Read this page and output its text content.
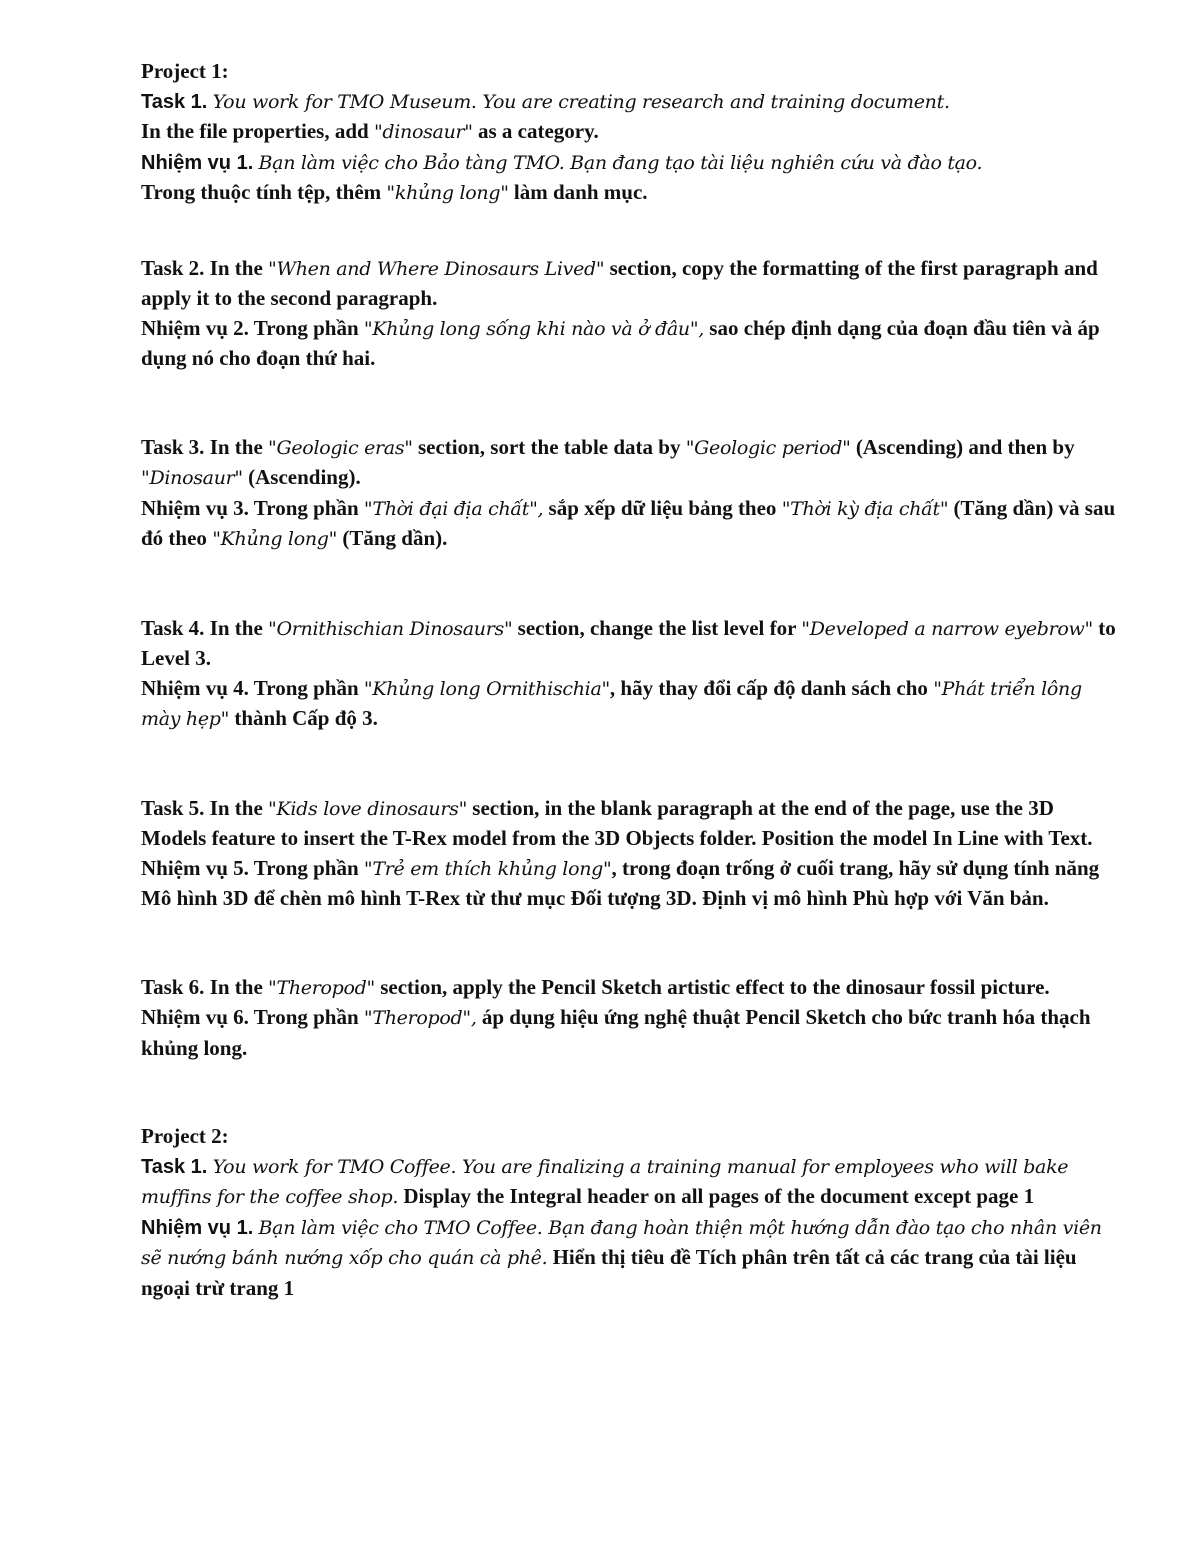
Project 1:

Task 1. You work for TMO Museum. You are creating research and training document.

In the file properties, add "dinosaur" as a category.

Nhiệm vụ 1. Bạn làm việc cho Bảo tàng TMO. Bạn đang tạo tài liệu nghiên cứu và đào tạo.

Trong thuộc tính tệp, thêm "khủng long" làm danh mục.

Task 2. In the "When and Where Dinosaurs Lived" section, copy the formatting of the first paragraph and apply it to the second paragraph.

Nhiệm vụ 2. Trong phần "Khủng long sống khi nào và ở đâu", sao chép định dạng của đoạn đầu tiên và áp dụng nó cho đoạn thứ hai.

Task 3. In the "Geologic eras" section, sort the table data by "Geologic period" (Ascending) and then by "Dinosaur" (Ascending).

Nhiệm vụ 3. Trong phần "Thời đại địa chất", sắp xếp dữ liệu bảng theo "Thời kỳ địa chất" (Tăng dần) và sau đó theo "Khủng long" (Tăng dần).

Task 4. In the "Ornithischian Dinosaurs" section, change the list level for "Developed a narrow eyebrow" to Level 3.

Nhiệm vụ 4. Trong phần "Khủng long Ornithischia", hãy thay đổi cấp độ danh sách cho "Phát triển lông mày hẹp" thành Cấp độ 3.

Task 5. In the "Kids love dinosaurs" section, in the blank paragraph at the end of the page, use the 3D Models feature to insert the T-Rex model from the 3D Objects folder. Position the model In Line with Text.

Nhiệm vụ 5. Trong phần "Trẻ em thích khủng long", trong đoạn trống ở cuối trang, hãy sử dụng tính năng Mô hình 3D để chèn mô hình T-Rex từ thư mục Đối tượng 3D. Định vị mô hình Phù hợp với Văn bản.

Task 6. In the "Theropod" section, apply the Pencil Sketch artistic effect to the dinosaur fossil picture.

Nhiệm vụ 6. Trong phần "Theropod", áp dụng hiệu ứng nghệ thuật Pencil Sketch cho bức tranh hóa thạch khủng long.

Project 2:

Task 1. You work for TMO Coffee. You are finalizing a training manual for employees who will bake muffins for the coffee shop. Display the Integral header on all pages of the document except page 1

Nhiệm vụ 1. Bạn làm việc cho TMO Coffee. Bạn đang hoàn thiện một hướng dẫn đào tạo cho nhân viên sẽ nướng bánh nướng xốp cho quán cà phê. Hiển thị tiêu đề Tích phân trên tất cả các trang của tài liệu ngoại trừ trang 1
